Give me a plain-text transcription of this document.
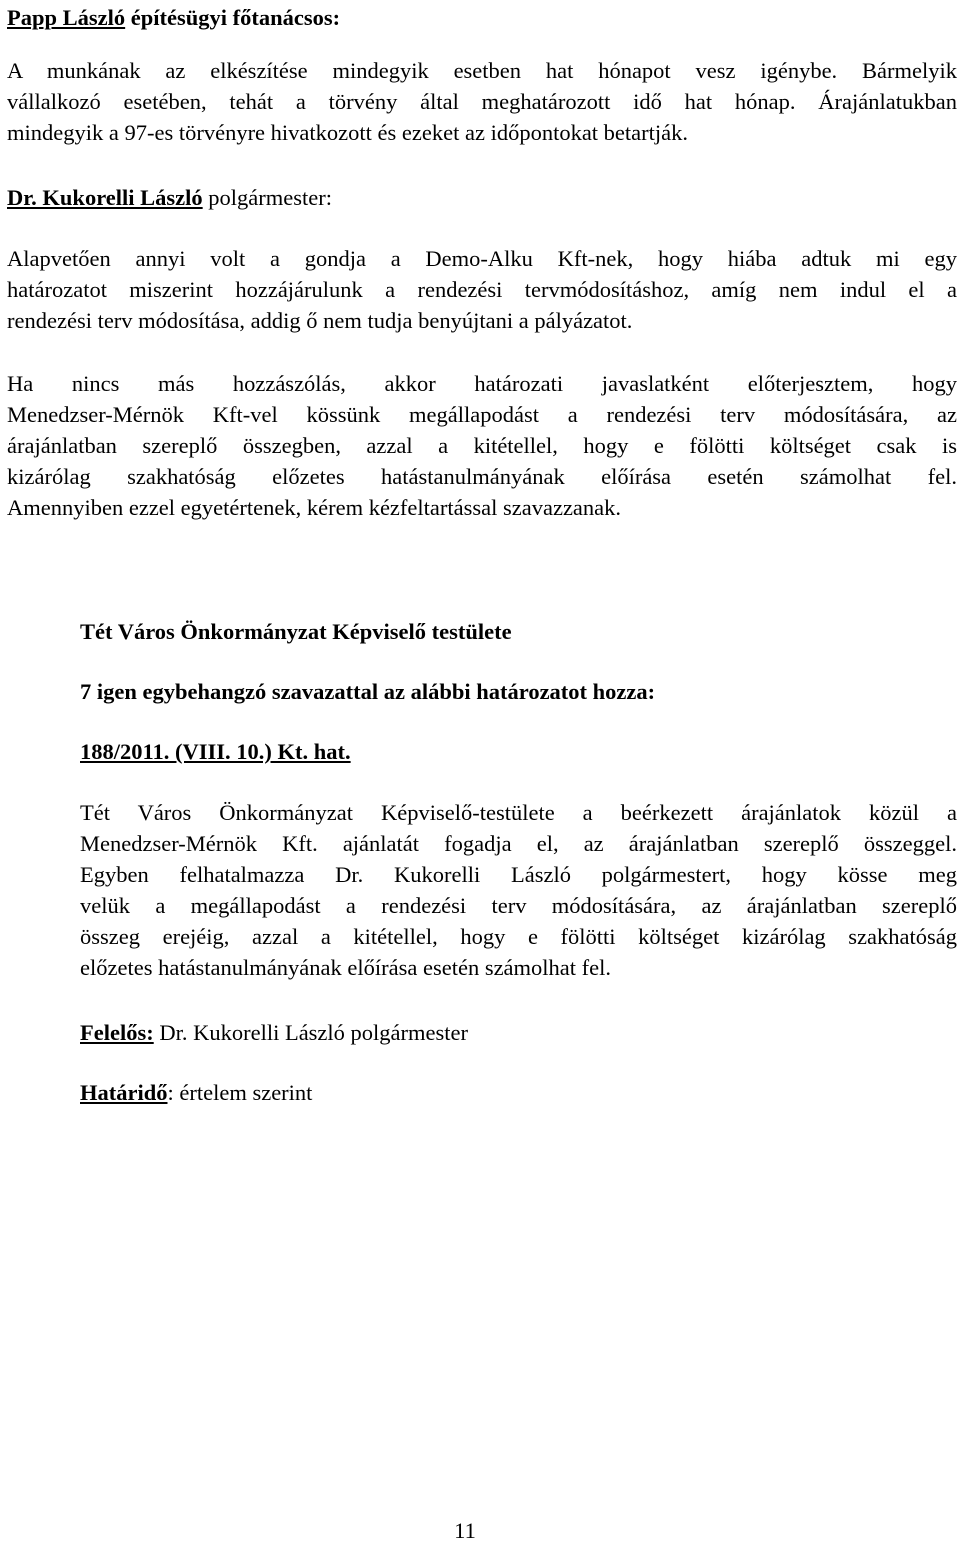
Papp László építésügyi főtanácsos:

A munkának az elkészítése mindegyik esetben hat hónapot vesz igénybe. Bármelyik
vállalkozó esetében, tehát a törvény által meghatározott idő hat hónap. Árajánlatukban
mindegyik a 97-es törvényre hivatkozott és ezeket az időpontokat betartják.

Dr. Kukorelli László polgármester:

Alapvetően annyi volt a gondja a Demo-Alku Kft-nek, hogy hiába adtuk mi egy
határozatot miszerint hozzájárulunk a rendezési tervmódosításhoz, amíg nem indul el a
rendezési terv módosítása, addig ő nem tudja benyújtani a pályázatot.
Ha nincs más hozzászólás, akkor határozati javaslatként előterjesztem, hogy
Menedzser-Mérnök Kft-vel kössünk megállapodást a rendezési terv módosítására, az
árajánlatban szereplő összegben, azzal a kitétellel, hogy e fölötti költséget csak is
kizárólag szakhatóság előzetes hatástanulmányának előírása esetén számolhat fel.
Amennyiben ezzel egyetértenek, kérem kézfeltartással szavazzanak.

Tét Város Önkormányzat Képviselő testülete

7 igen egybehangzó szavazattal az alábbi határozatot hozza:

188/2011. (VIII. 10.) Kt. hat.

Tét Város Önkormányzat Képviselő-testülete a beérkezett árajánlatok közül a
Menedzser-Mérnök Kft. ajánlatát fogadja el, az árajánlatban szereplő összeggel.
Egyben felhatalmazza Dr. Kukorelli László polgármestert, hogy kösse meg
velük a megállapodást a rendezési terv módosítására, az árajánlatban szereplő
összeg erejéig, azzal a kitétellel, hogy e fölötti költséget kizárólag szakhatóság
előzetes hatástanulmányának előírása esetén számolhat fel.

Felelős: Dr. Kukorelli László polgármester

Határidő: értelem szerint

11
